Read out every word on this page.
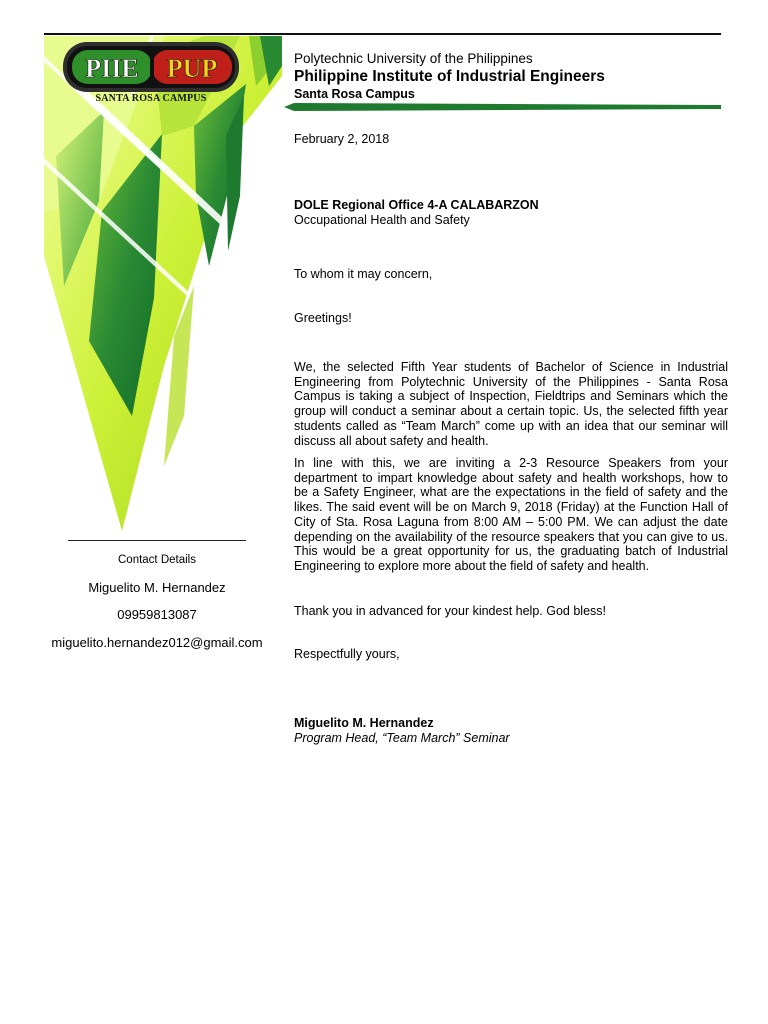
PIIE PUP
SANTA ROSA CAMPUS
Polytechnic University of the Philippines
Philippine Institute of Industrial Engineers
Santa Rosa Campus
Contact Details
Miguelito M. Hernandez
09959813087
miguelito.hernandez012@gmail.com
February 2, 2018
DOLE Regional Office 4-A CALABARZON
Occupational Health and Safety
To whom it may concern,
Greetings!
We, the selected Fifth Year students of Bachelor of Science in Industrial Engineering from Polytechnic University of the Philippines - Santa Rosa Campus is taking a subject of Inspection, Fieldtrips and Seminars which the group will conduct a seminar about a certain topic. Us, the selected fifth year students called as “Team March” come up with an idea that our seminar will discuss all about safety and health.
In line with this, we are inviting a 2-3 Resource Speakers from your department to impart knowledge about safety and health workshops, how to be a Safety Engineer, what are the expectations in the field of safety and the likes. The said event will be on March 9, 2018 (Friday) at the Function Hall of City of Sta. Rosa Laguna from 8:00 AM – 5:00 PM. We can adjust the date depending on the availability of the resource speakers that you can give to us. This would be a great opportunity for us, the graduating batch of Industrial Engineering to explore more about the field of safety and health.
Thank you in advanced for your kindest help. God bless!
Respectfully yours,
Miguelito M. Hernandez
Program Head, “Team March” Seminar
